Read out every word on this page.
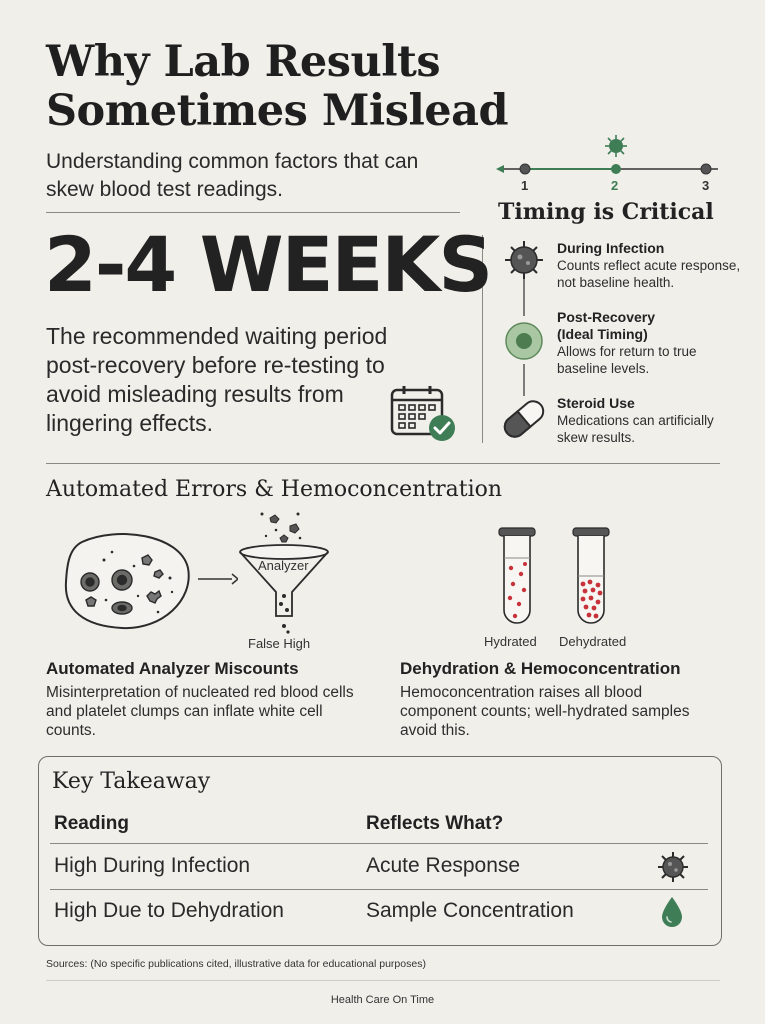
Why Lab Results
Sometimes Mislead
Understanding common factors that can skew blood test readings.
2-4 WEEKS
The recommended waiting period post-recovery before re-testing to avoid misleading results from lingering effects.
1	2	3
Timing is Critical
During Infection
Counts reflect acute response, not baseline health.
Post-Recovery (Ideal Timing)
Allows for return to true baseline levels.
Steroid Use
Medications can artificially skew results.
Automated Errors & Hemoconcentration
Analyzer
False High	Hydrated Dehydrated
Automated Analyzer Miscounts
Misinterpretation of nucleated red blood cells and platelet clumps can inflate white cell counts.
Dehydration & Hemoconcentration
Hemoconcentration raises all blood component counts; well-hydrated samples avoid this.
Key Takeaway
Reading	Reflects What?
High During Infection	Acute Response
High Due to Dehydration	Sample Concentration
Sources: (No specific publications cited, illustrative data for educational purposes)
Health Care On Time
